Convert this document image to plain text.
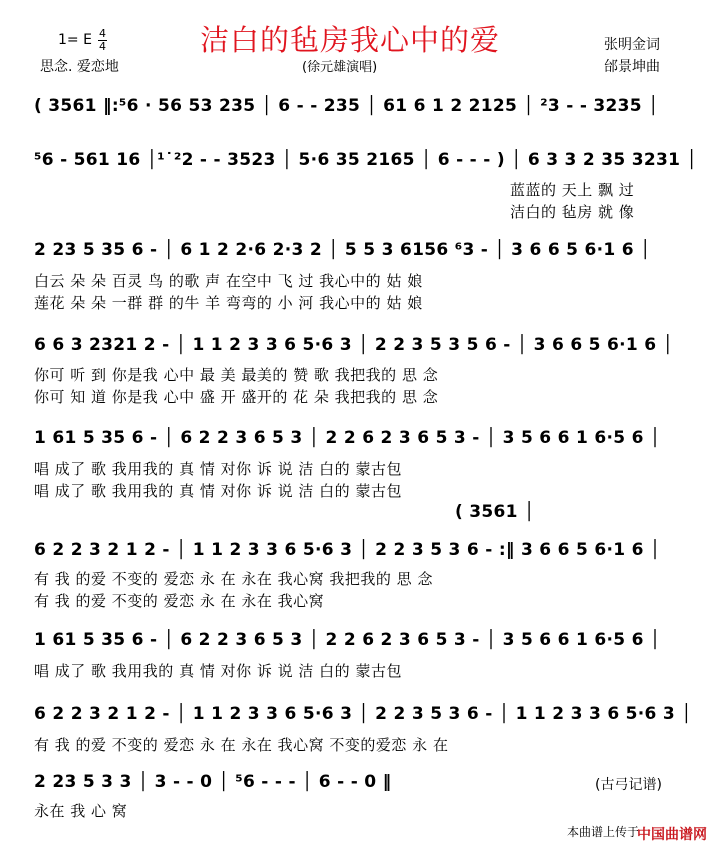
1= E 4
4	洁白的毡房我心中的爱
思念. 爱恋地	(徐元雄演唱)
张明金词
邰景坤曲
( 3561 ‖:⁵6 · 56 53 235 │ 6 - - 235 │ 61 6 1 2 2125 │ ²3 - - 3235 │
⁵6 - 561 16 │¹˙²2 - - 3523 │ 5·6 35 2165 │ 6 - - - ) │ 6 3 3 2 35 3231 │
蓝蓝的 天上 飘 过
洁白的 毡房 就 像
2 23 5 35 6 - │ 6 1 2 2·6 2·3 2 │ 5 5 3 6156 ⁶3 - │ 3 6 6 5 6·1 6 │
白云 朵 朵 百灵 鸟 的歌 声 在空中 飞 过 我心中的 姑 娘
莲花 朵 朵 一群 群 的牛 羊 弯弯的 小 河 我心中的 姑 娘
6 6 3 2321 2 - │ 1 1 2 3 3 6 5·6 3 │ 2 2 3 5 3 5 6 - │ 3 6 6 5 6·1 6 │
你可 听 到 你是我 心中 最 美 最美的 赞 歌 我把我的 思 念
你可 知 道 你是我 心中 盛 开 盛开的 花 朵 我把我的 思 念
1 61 5 35 6 - │ 6 2 2 3 6 5 3 │ 2 2 6 2 3 6 5 3 - │ 3 5 6 6 1 6·5 6 │
唱 成了 歌 我用我的 真 情 对你 诉 说 洁 白的 蒙古包
唱 成了 歌 我用我的 真 情 对你 诉 说 洁 白的 蒙古包
( 3561 │
6 2 2 3 2 1 2 - │ 1 1 2 3 3 6 5·6 3 │ 2 2 3 5 3 6 - :‖ 3 6 6 5 6·1 6 │
有 我 的爱 不变的 爱恋 永 在 永在 我心窝 我把我的 思 念
有 我 的爱 不变的 爱恋 永 在 永在 我心窝
1 61 5 35 6 - │ 6 2 2 3 6 5 3 │ 2 2 6 2 3 6 5 3 - │ 3 5 6 6 1 6·5 6 │
唱 成了 歌 我用我的 真 情 对你 诉 说 洁 白的 蒙古包
6 2 2 3 2 1 2 - │ 1 1 2 3 3 6 5·6 3 │ 2 2 3 5 3 6 - │ 1 1 2 3 3 6 5·6 3 │
有 我 的爱 不变的 爱恋 永 在 永在 我心窝 不变的爱恋 永 在
2 23 5 3 3 │ 3 - - 0 │ ⁵6 - - - │ 6 - - 0 ‖
永在 我 心 窝
(古弓记谱)
本曲谱上传于
中国曲谱网
